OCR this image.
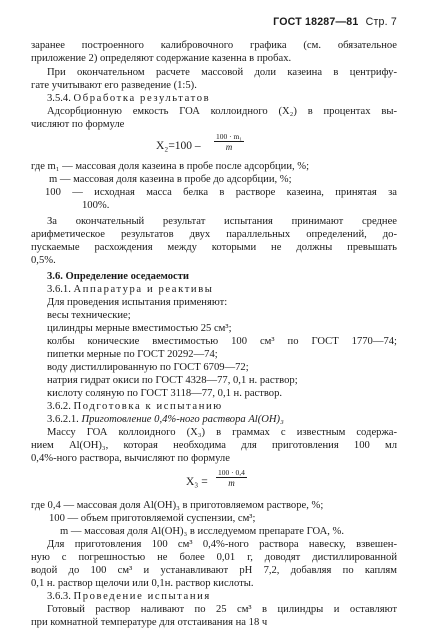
ГОСТ 18287—81 Стр. 7
заранее построенного калибровочного графика (см. обязательное
приложение 2) определяют содержание казенна в пробах.
При окончательном расчете массовой доли казеина в центрифу-
гате учитывают его разведение (1:5).
3.5.4. Обработка результатов
Адсорбционную емкость ГОА коллоидного (X₂) в процентах вы-
числяют по формуле
X₂=100 –
100 · m₁
m
где m₁ — массовая доля казеина в пробе после адсорбции, %;
m — массовая доля казеина в пробе до адсорбции, %;
100 — исходная масса белка в растворе казеина, принятая за
100%.
За окончательный результат испытания принимают среднее
арифметическое результатов двух параллельных определений, до-
пускаемые расхождения между которыми не должны превышать
0,5%.
3.6. Определение оседаемости
3.6.1. Аппаратура и реактивы
Для проведения испытания применяют:
весы технические;
цилиндры мерные вместимостью 25 см³;
колбы конические вместимостью 100 см³ по ГОСТ 1770—74;
пипетки мерные по ГОСТ 20292—74;
воду дистиллированную по ГОСТ 6709—72;
натрия гидрат окиси по ГОСТ 4328—77, 0,1 н. раствор;
кислоту соляную по ГОСТ 3118—77, 0,1 н. раствор.
3.6.2. Подготовка к испытанию
3.6.2.1. Приготовление 0,4%-ного раствора Al(OH)₃
Массу ГОА коллоидного (X₃) в граммах с известным содержа-
нием Al(OH)₃, которая необходима для приготовления 100 мл
0,4%-ного раствора, вычисляют по формуле
X₃ =
100 · 0,4
m
где 0,4 — массовая доля Al(OH)₃ в приготовляемом растворе, %;
100 — объем приготовляемой суспензии, см³;
m — массовая доля Al(OH)₃ в исследуемом препарате ГОА, %.
Для приготовления 100 см³ 0,4%-ного раствора навеску, взвешен-
ную с погрешностью не более 0,01 г, доводят дистиллированной
водой до 100 см³ и устанавливают pH 7,2, добавляя по каплям
0,1 н. раствор щелочи или 0,1н. раствор кислоты.
3.6.3. Проведение испытания
Готовый раствор наливают по 25 см³ в цилиндры и оставляют
при комнатной температуре для отстаивания на 18 ч
